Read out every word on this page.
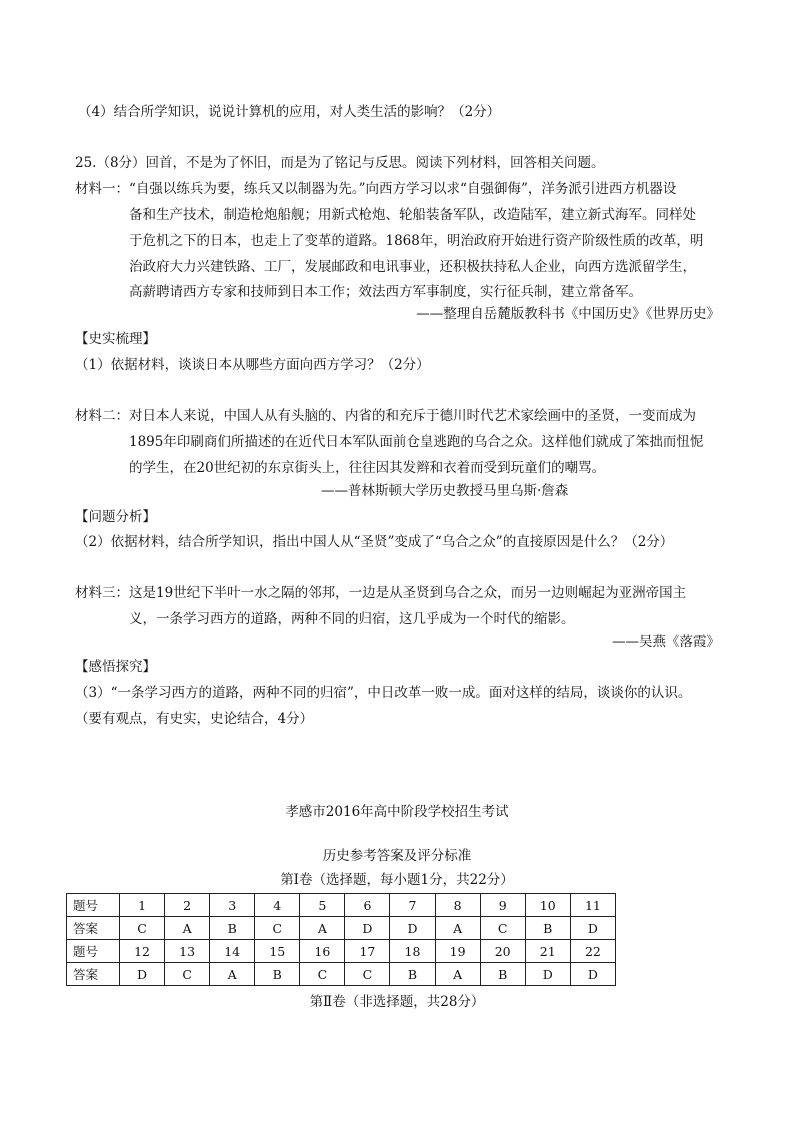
（4）结合所学知识，说说计算机的应用，对人类生活的影响？（2分）
25.（8分）回首，不是为了怀旧，而是为了铭记与反思。阅读下列材料，回答相关问题。
材料一：“自强以练兵为要，练兵又以制器为先。”向西方学习以求“自强御侮”，洋务派引进西方机器设
备和生产技术，制造枪炮船舰；用新式枪炮、轮船装备军队，改造陆军，建立新式海军。同样处
于危机之下的日本，也走上了变革的道路。1868年，明治政府开始进行资产阶级性质的改革，明
治政府大力兴建铁路、工厂，发展邮政和电讯事业，还积极扶持私人企业，向西方选派留学生，
高薪聘请西方专家和技师到日本工作；效法西方军事制度，实行征兵制，建立常备军。
——整理自岳麓版教科书《中国历史》《世界历史》
【史实梳理】
（1）依据材料，谈谈日本从哪些方面向西方学习？（2分）
材料二：对日本人来说，中国人从有头脑的、内省的和充斥于德川时代艺术家绘画中的圣贤，一变而成为
1895年印刷商们所描述的在近代日本军队面前仓皇逃跑的乌合之众。这样他们就成了笨拙而忸怩
的学生，在20世纪初的东京街头上，往往因其发辫和衣着而受到玩童们的嘲骂。
——普林斯顿大学历史教授马里乌斯·詹森
【问题分析】
（2）依据材料，结合所学知识，指出中国人从“圣贤”变成了“乌合之众”的直接原因是什么？（2分）
材料三：这是19世纪下半叶一水之隔的邻邦，一边是从圣贤到乌合之众，而另一边则崛起为亚洲帝国主
义，一条学习西方的道路，两种不同的归宿，这几乎成为一个时代的缩影。
——吴燕《落霞》
【感悟探究】
（3）“一条学习西方的道路，两种不同的归宿”，中日改革一败一成。面对这样的结局，谈谈你的认识。
（要有观点，有史实，史论结合，4分）
孝感市2016年高中阶段学校招生考试
历史参考答案及评分标准
第Ⅰ卷（选择题，每小题1分，共22分）
题号	1	2	3	4	5	6	7	8	9	10	11
答案	C	A	B	C	A	D	D	A	C	B	D
题号	12	13	14	15	16	17	18	19	20	21	22
答案	D	C	A	B	C	C	B	A	B	D	D
第Ⅱ卷（非选择题，共28分）
